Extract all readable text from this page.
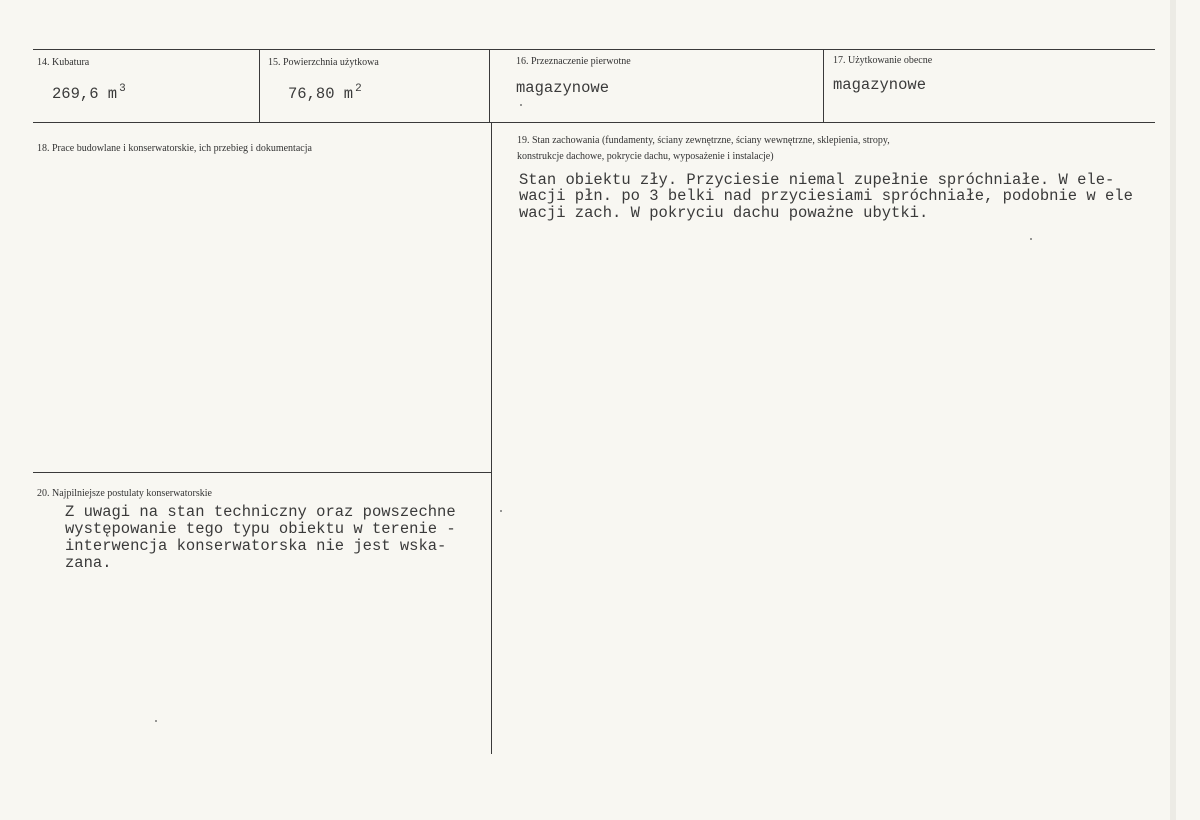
14. Kubatura
269,6 m $^3$
15. Powierzchnia użytkowa
76,80 m $^2$
16. Przeznaczenie pierwotne
magazynowe
17. Użytkowanie obecne
magazynowe
18. Prace budowlane i konserwatorskie, ich przebieg i dokumentacja
19. Stan zachowania (fundamenty, ściany zewnętrzne, ściany wewnętrzne, sklepienia, stropy,
konstrukcje dachowe, pokrycie dachu, wyposażenie i instalacje)
Stan obiektu zły. Przyciesie niemal zupełnie spróchniałe. W ele-
wacji płn. po 3 belki nad przyciesiami spróchniałe, podobnie w ele
wacji zach. W pokryciu dachu poważne ubytki.
20. Najpilniejsze postulaty konserwatorskie
Z uwagi na stan techniczny oraz powszechne
występowanie tego typu obiektu w terenie -
interwencja konserwatorska nie jest wska-
zana.
